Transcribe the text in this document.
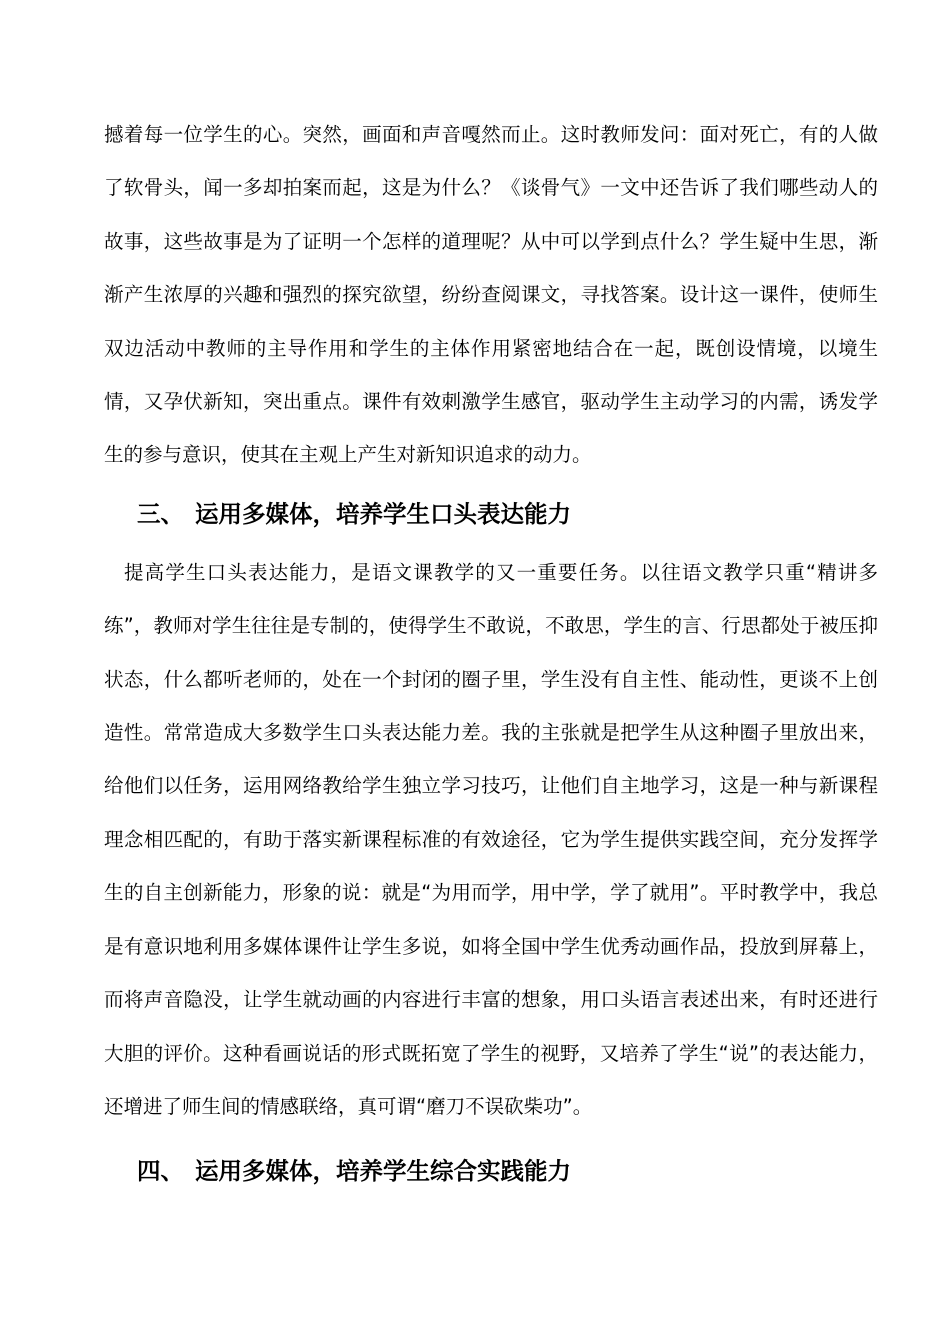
撼着每一位学生的心。突然，画面和声音嘎然而止。这时教师发问：面对死亡，有的人做了软骨头，闻一多却拍案而起，这是为什么？《谈骨气》一文中还告诉了我们哪些动人的故事，这些故事是为了证明一个怎样的道理呢？从中可以学到点什么？学生疑中生思，渐渐产生浓厚的兴趣和强烈的探究欲望，纷纷查阅课文，寻找答案。设计这一课件，使师生双边活动中教师的主导作用和学生的主体作用紧密地结合在一起，既创设情境，以境生情，又孕伏新知，突出重点。课件有效刺激学生感官，驱动学生主动学习的内需，诱发学生的参与意识，使其在主观上产生对新知识追求的动力。

三、 运用多媒体，培养学生口头表达能力

提高学生口头表达能力，是语文课教学的又一重要任务。以往语文教学只重“精讲多练”，教师对学生往往是专制的，使得学生不敢说，不敢思，学生的言、行思都处于被压抑状态，什么都听老师的，处在一个封闭的圈子里，学生没有自主性、能动性，更谈不上创造性。常常造成大多数学生口头表达能力差。我的主张就是把学生从这种圈子里放出来，给他们以任务，运用网络教给学生独立学习技巧，让他们自主地学习，这是一种与新课程理念相匹配的，有助于落实新课程标准的有效途径，它为学生提供实践空间，充分发挥学生的自主创新能力，形象的说：就是“为用而学，用中学，学了就用”。平时教学中，我总是有意识地利用多媒体课件让学生多说，如将全国中学生优秀动画作品，投放到屏幕上，而将声音隐没，让学生就动画的内容进行丰富的想象，用口头语言表述出来，有时还进行大胆的评价。这种看画说话的形式既拓宽了学生的视野，又培养了学生“说”的表达能力，还增进了师生间的情感联络，真可谓“磨刀不误砍柴功”。

四、 运用多媒体，培养学生综合实践能力
